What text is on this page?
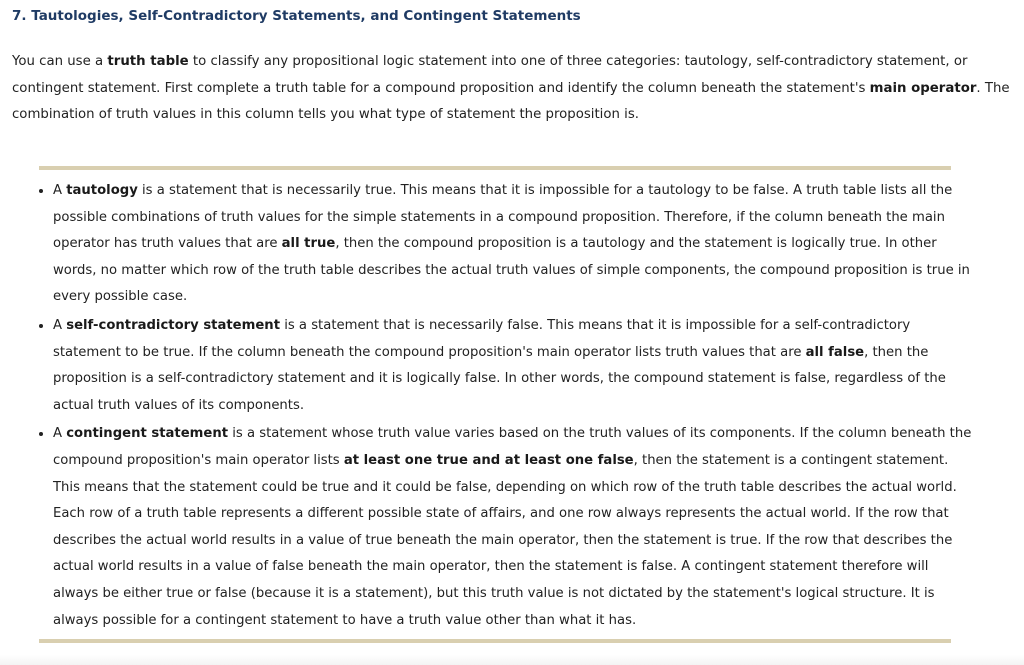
7. Tautologies, Self-Contradictory Statements, and Contingent Statements

You can use a truth table to classify any propositional logic statement into one of three categories: tautology, self-contradictory statement, or contingent statement. First complete a truth table for a compound proposition and identify the column beneath the statement's main operator. The combination of truth values in this column tells you what type of statement the proposition is.

• A tautology is a statement that is necessarily true. This means that it is impossible for a tautology to be false. A truth table lists all the possible combinations of truth values for the simple statements in a compound proposition. Therefore, if the column beneath the main operator has truth values that are all true, then the compound proposition is a tautology and the statement is logically true. In other words, no matter which row of the truth table describes the actual truth values of simple components, the compound proposition is true in every possible case.
• A self-contradictory statement is a statement that is necessarily false. This means that it is impossible for a self-contradictory statement to be true. If the column beneath the compound proposition's main operator lists truth values that are all false, then the proposition is a self-contradictory statement and it is logically false. In other words, the compound statement is false, regardless of the actual truth values of its components.
• A contingent statement is a statement whose truth value varies based on the truth values of its components. If the column beneath the compound proposition's main operator lists at least one true and at least one false, then the statement is a contingent statement. This means that the statement could be true and it could be false, depending on which row of the truth table describes the actual world. Each row of a truth table represents a different possible state of affairs, and one row always represents the actual world. If the row that describes the actual world results in a value of true beneath the main operator, then the statement is true. If the row that describes the actual world results in a value of false beneath the main operator, then the statement is false. A contingent statement therefore will always be either true or false (because it is a statement), but this truth value is not dictated by the statement's logical structure. It is always possible for a contingent statement to have a truth value other than what it has.
